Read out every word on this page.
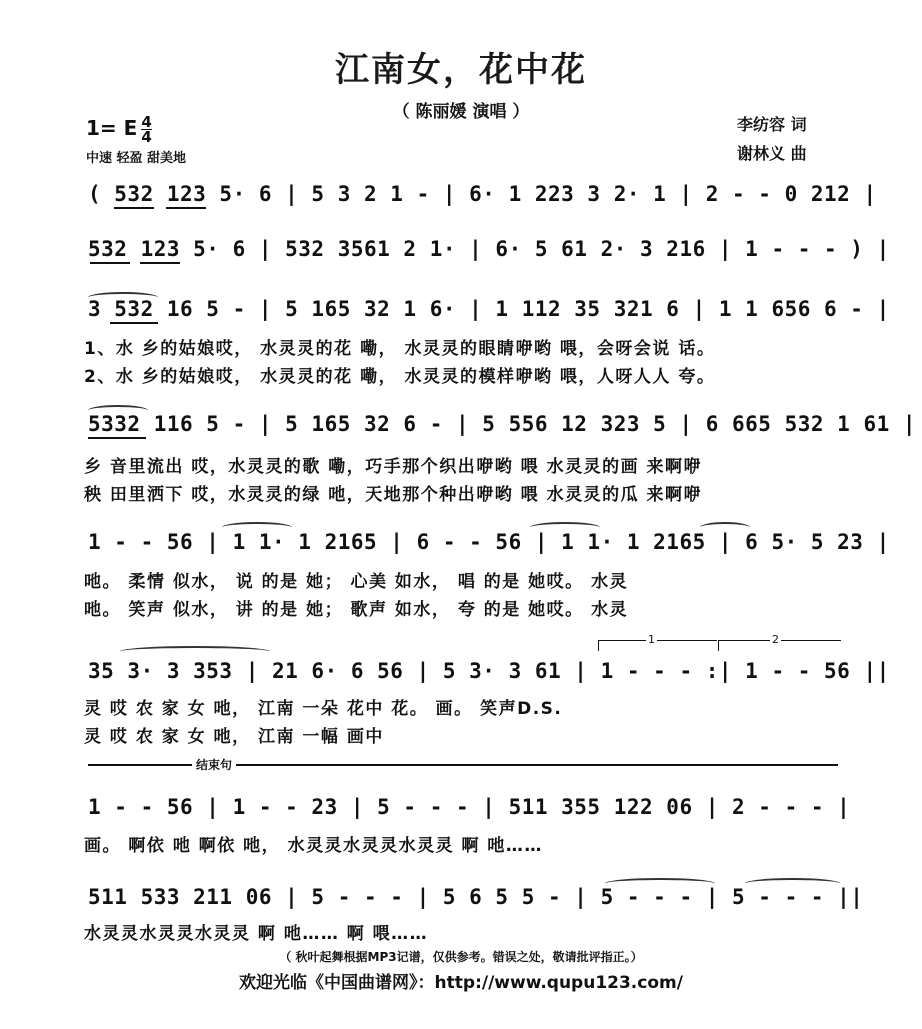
江南女，花中花
（ 陈丽媛 演唱 ）
1= E $\frac{4}{4}$
中速 轻盈 甜美地
李纺容 词
谢林义 曲
( 532 123 5· 6 | 5 3 2 1 - | 6· 1 223 3 2· 1 | 2 - - 0 212 |
532 123 5· 6 | 532 3561 2 1· | 6· 5 61 2· 3 216 | 1 - - - ) |
3 532 16 5 - | 5 165 32 1 6· | 1 112 35 321 6 | 1 1 656 6 - |
1、水 乡的姑娘哎， 水灵灵的花 嘞， 水灵灵的眼睛咿哟 喂，会呀会说 话。
2、水 乡的姑娘哎， 水灵灵的花 嘞， 水灵灵的模样咿哟 喂，人呀人人 夸。
5332 116 5 - | 5 165 32 6 - | 5 556 12 323 5 | 6 665 532 1 61 |
乡 音里流出 哎，水灵灵的歌 嘞，巧手那个织出咿哟 喂 水灵灵的画 来啊咿
秧 田里洒下 哎，水灵灵的绿 吔，天地那个种出咿哟 喂 水灵灵的瓜 来啊咿
1 - - 56 | 1 1· 1 2165 | 6 - - 56 | 1 1· 1 2165 | 6 5· 5 23 |
吔。 柔情 似水， 说 的是 她； 心美 如水， 唱 的是 她哎。 水灵
吔。 笑声 似水， 讲 的是 她； 歌声 如水， 夸 的是 她哎。 水灵
1	2
35 3· 3 353 | 21 6· 6 56 | 5 3· 3 61 | 1 - - - :| 1 - - 56 ||
灵 哎 农 家 女 吔， 江南 一朵 花中 花。 画。 笑声D.S.
灵 哎 农 家 女 吔， 江南 一幅 画中
结束句
1 - - 56 | 1 - - 23 | 5 - - - | 511 355 122 06 | 2 - - - |
画。 啊依 吔 啊依 吔， 水灵灵水灵灵水灵灵 啊 吔……
511 533 211 06 | 5 - - - | 5 6 5 5 - | 5 - - - | 5 - - - ||
水灵灵水灵灵水灵灵 啊 吔…… 啊 喂……
（ 秋叶起舞根据MP3记谱，仅供参考。错误之处，敬请批评指正。）
欢迎光临《中国曲谱网》：http://www.qupu123.com/
